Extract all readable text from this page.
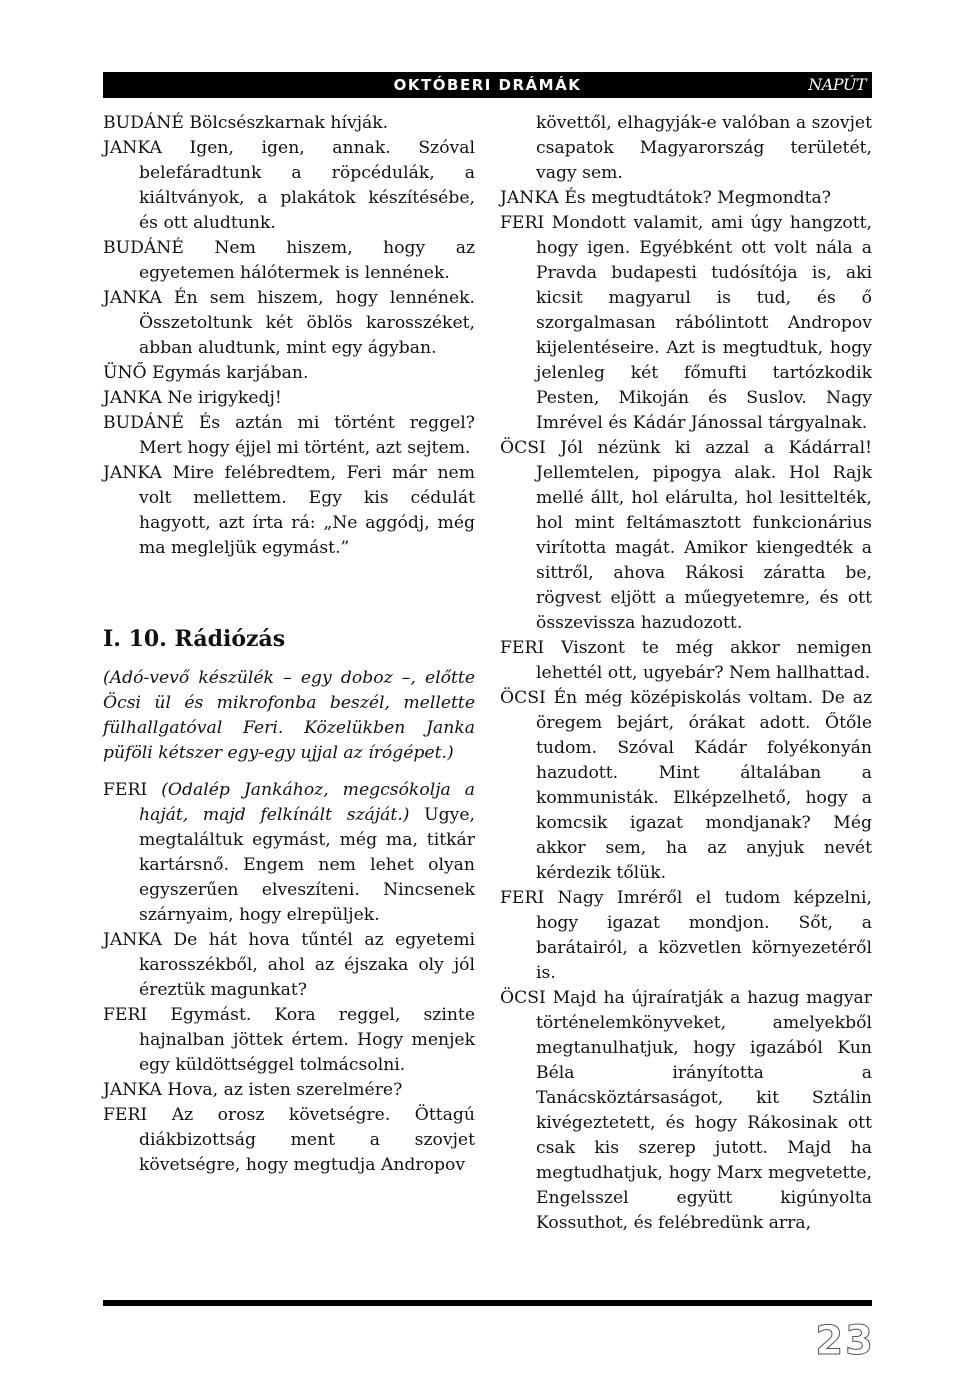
OKTÓBERI DRÁMÁK	NAPÚT

BUDÁNÉ Bölcsészkarnak hívják.

JANKA Igen, igen, annak. Szóval belefáradtunk a röpcédulák, a kiáltványok, a plakátok készítésébe, és ott aludtunk.

BUDÁNÉ Nem hiszem, hogy az egyetemen hálótermek is lennének.

JANKA Én sem hiszem, hogy lennének. Összetoltunk két öblös karosszéket, abban aludtunk, mint egy ágyban.

ÜNŐ Egymás karjában.

JANKA Ne irigykedj!

BUDÁNÉ És aztán mi történt reggel? Mert hogy éjjel mi történt, azt sejtem.

JANKA Mire felébredtem, Feri már nem volt mellettem. Egy kis cédulát hagyott, azt írta rá: „Ne aggódj, még ma megleljük egymást.”

I. 10. Rádiózás

(Adó-vevő készülék – egy doboz –, előtte Öcsi ül és mikrofonba beszél, mellette fülhallgatóval Feri. Közelükben Janka püföli kétszer egy-egy ujjal az írógépet.)

FERI (Odalép Jankához, megcsókolja a haját, majd felkínált száját.) Ugye, megtaláltuk egymást, még ma, titkár kartársnő. Engem nem lehet olyan egyszerűen elveszíteni. Nincsenek szárnyaim, hogy elrepüljek.

JANKA De hát hova tűntél az egyetemi karosszékből, ahol az éjszaka oly jól éreztük magunkat?

FERI Egymást. Kora reggel, szinte hajnalban jöttek értem. Hogy menjek egy küldöttséggel tolmácsolni.

JANKA Hova, az isten szerelmére?

FERI Az orosz követségre. Öttagú diákbizottság ment a szovjet követségre, hogy megtudja Andropov

követtől, elhagyják-e valóban a szovjet csapatok Magyarország területét, vagy sem.

JANKA És megtudtátok? Megmondta?

FERI Mondott valamit, ami úgy hangzott, hogy igen. Egyébként ott volt nála a Pravda budapesti tudósítója is, aki kicsit magyarul is tud, és ő szorgalmasan rábólintott Andropov kijelentéseire. Azt is megtudtuk, hogy jelenleg két főmufti tartózkodik Pesten, Mikoján és Suslov. Nagy Imrével és Kádár Jánossal tárgyalnak.

ÖCSI Jól nézünk ki azzal a Kádárral! Jellemtelen, pipogya alak. Hol Rajk mellé állt, hol elárulta, hol lesittelték, hol mint feltámasztott funkcionárius virította magát. Amikor kiengedték a sittről, ahova Rákosi záratta be, rögvest eljött a műegyetemre, és ott összevissza hazudozott.

FERI Viszont te még akkor nemigen lehettél ott, ugyebár? Nem hallhattad.

ÖCSI Én még középiskolás voltam. De az öregem bejárt, órákat adott. Őtőle tudom. Szóval Kádár folyékonyán hazudott. Mint általában a kommunisták. Elképzelhető, hogy a komcsik igazat mondjanak? Még akkor sem, ha az anyjuk nevét kérdezik tőlük.

FERI Nagy Imréről el tudom képzelni, hogy igazat mondjon. Sőt, a barátairól, a közvetlen környezetéről is.

ÖCSI Majd ha újraíratják a hazug magyar történelemkönyveket, amelyekből megtanulhatjuk, hogy igazából Kun Béla irányította a Tanácsköztársaságot, kit Sztálin kivégeztetett, és hogy Rákosinak ott csak kis szerep jutott. Majd ha megtudhatjuk, hogy Marx megvetette, Engelsszel együtt kigúnyolta Kossuthot, és felébredünk arra,

23
